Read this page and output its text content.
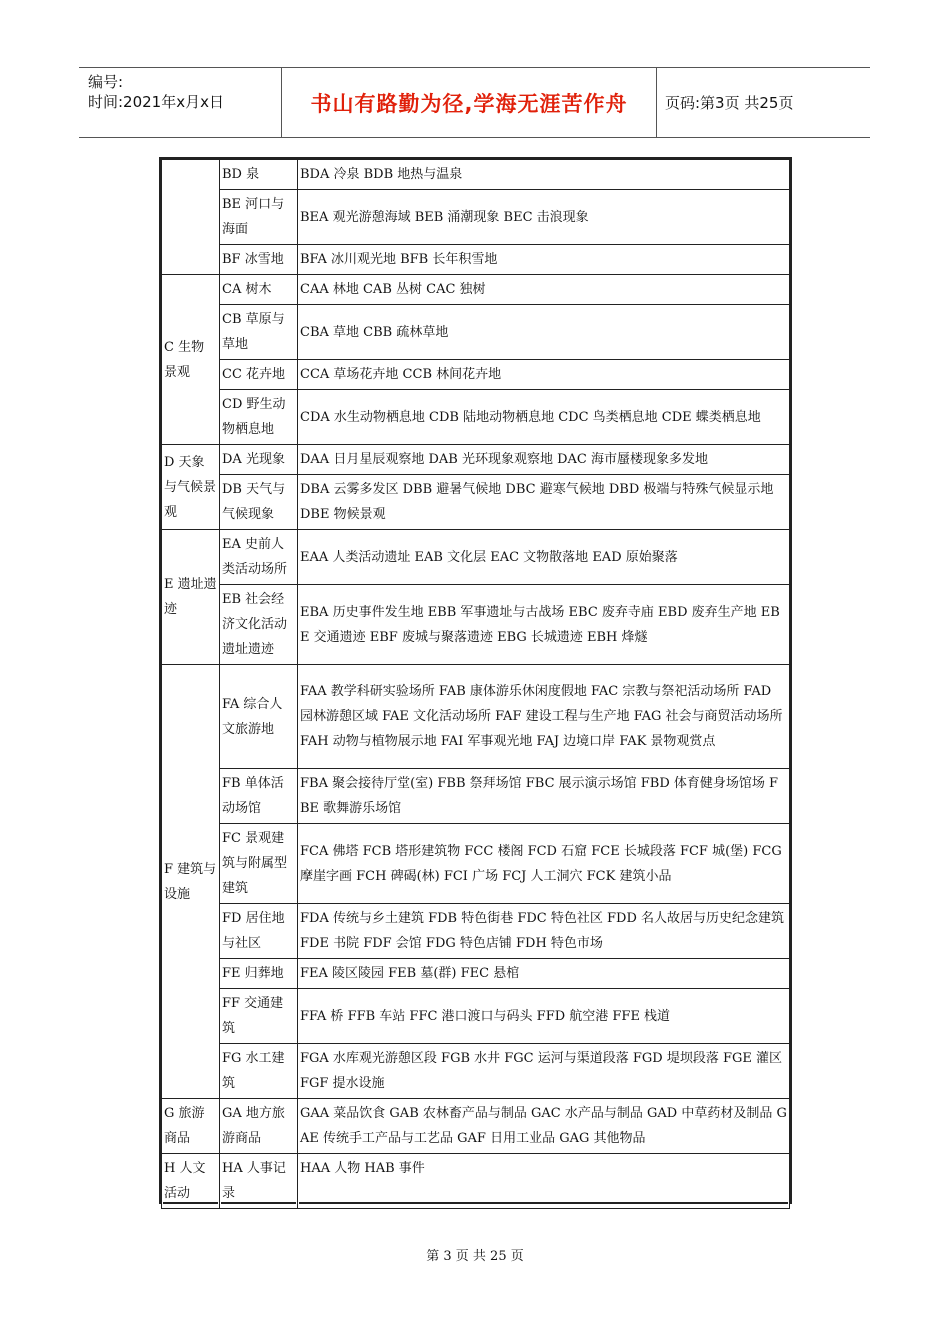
编号:
时间:2021年x月x日	书山有路勤为径,学海无涯苦作舟	页码:第3页 共25页

	BD 泉	BDA 冷泉 BDB 地热与温泉

	BE 河口与海面	BEA 观光游憩海域 BEB 涌潮现象 BEC 击浪现象

	BF 冰雪地	BFA 冰川观光地 BFB 长年积雪地

C 生物景观	CA 树木	CAA 林地 CAB 丛树 CAC 独树

	CB 草原与草地	CBA 草地 CBB 疏林草地

	CC 花卉地	CCA 草场花卉地 CCB 林间花卉地

	CD 野生动物栖息地	CDA 水生动物栖息地 CDB 陆地动物栖息地 CDC 鸟类栖息地 CDE 蝶类栖息地

D 天象与气候景观	DA 光现象	DAA 日月星辰观察地 DAB 光环现象观察地 DAC 海市蜃楼现象多发地

	DB 天气与气候现象	DBA 云雾多发区 DBB 避暑气候地 DBC 避寒气候地 DBD 极端与特殊气候显示地 DBE 物候景观

E 遗址遗迹	EA 史前人类活动场所	EAA 人类活动遗址 EAB 文化层 EAC 文物散落地 EAD 原始聚落

	EB 社会经济文化活动遗址遗迹	EBA 历史事件发生地 EBB 军事遗址与古战场 EBC 废弃寺庙 EBD 废弃生产地 EBE 交通遗迹 EBF 废城与聚落遗迹 EBG 长城遗迹 EBH 烽燧

F 建筑与设施	FA 综合人文旅游地	FAA 教学科研实验场所 FAB 康体游乐休闲度假地 FAC 宗教与祭祀活动场所 FAD 园林游憩区域 FAE 文化活动场所 FAF 建设工程与生产地 FAG 社会与商贸活动场所 FAH 动物与植物展示地 FAI 军事观光地 FAJ 边境口岸 FAK 景物观赏点

	FB 单体活动场馆	FBA 聚会接待厅堂(室) FBB 祭拜场馆 FBC 展示演示场馆 FBD 体育健身场馆场 FBE 歌舞游乐场馆

	FC 景观建筑与附属型建筑	FCA 佛塔 FCB 塔形建筑物 FCC 楼阁 FCD 石窟 FCE 长城段落 FCF 城(堡) FCG 摩崖字画 FCH 碑碣(林) FCI 广场 FCJ 人工洞穴 FCK 建筑小品

	FD 居住地与社区	FDA 传统与乡土建筑 FDB 特色街巷 FDC 特色社区 FDD 名人故居与历史纪念建筑 FDE 书院 FDF 会馆 FDG 特色店铺 FDH 特色市场

	FE 归葬地	FEA 陵区陵园 FEB 墓(群) FEC 悬棺

	FF 交通建筑	FFA 桥 FFB 车站 FFC 港口渡口与码头 FFD 航空港 FFE 栈道

	FG 水工建筑	FGA 水库观光游憩区段 FGB 水井 FGC 运河与渠道段落 FGD 堤坝段落 FGE 灌区 FGF 提水设施

G 旅游商品	GA 地方旅游商品	GAA 菜品饮食 GAB 农林畜产品与制品 GAC 水产品与制品 GAD 中草药材及制品 GAE 传统手工产品与工艺品 GAF 日用工业品 GAG 其他物品

H 人文活动	HA 人事记录	HAA 人物 HAB 事件
第 3 页 共 25 页
